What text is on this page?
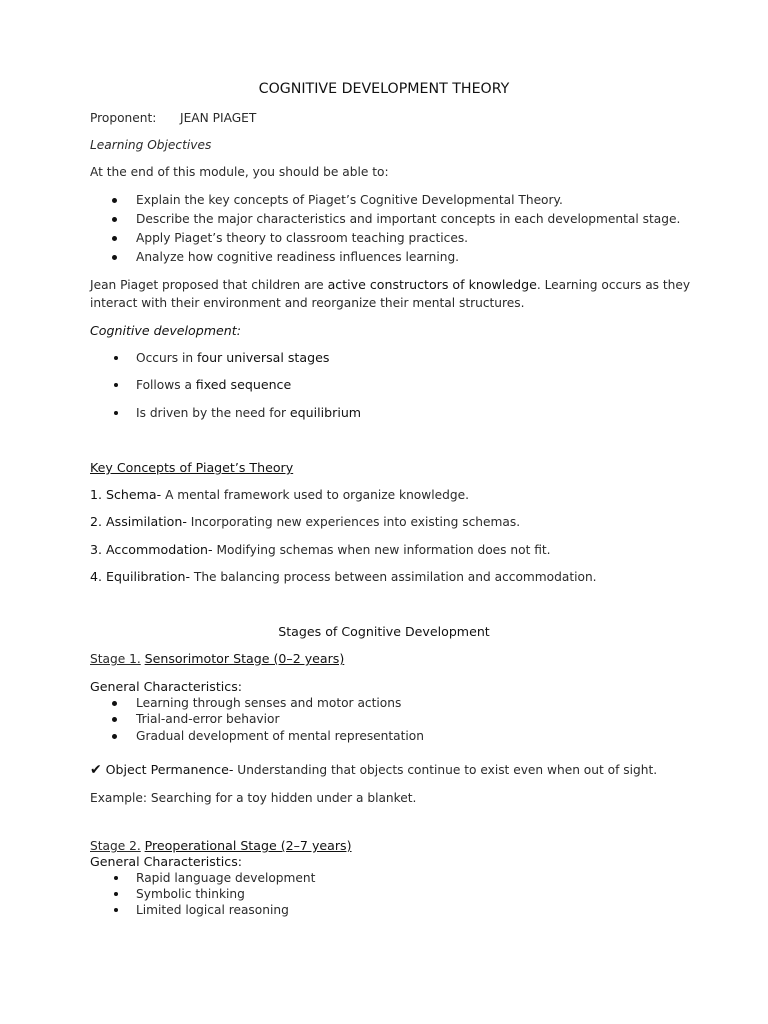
COGNITIVE DEVELOPMENT THEORY
Proponent: JEAN PIAGET
Learning Objectives
At the end of this module, you should be able to:
Explain the key concepts of Piaget’s Cognitive Developmental Theory.
Describe the major characteristics and important concepts in each developmental stage.
Apply Piaget’s theory to classroom teaching practices.
Analyze how cognitive readiness influences learning.
Jean Piaget proposed that children are active constructors of knowledge. Learning occurs as they
interact with their environment and reorganize their mental structures.
Cognitive development:
Occurs in four universal stages
Follows a fixed sequence
Is driven by the need for equilibrium
Key Concepts of Piaget’s Theory
1. Schema- A mental framework used to organize knowledge.
2. Assimilation- Incorporating new experiences into existing schemas.
3. Accommodation- Modifying schemas when new information does not fit.
4. Equilibration- The balancing process between assimilation and accommodation.
Stages of Cognitive Development
Stage 1. Sensorimotor Stage (0–2 years)
General Characteristics:
Learning through senses and motor actions
Trial-and-error behavior
Gradual development of mental representation
✔ Object Permanence- Understanding that objects continue to exist even when out of sight.
Example: Searching for a toy hidden under a blanket.
Stage 2. Preoperational Stage (2–7 years)
General Characteristics:
Rapid language development
Symbolic thinking
Limited logical reasoning
